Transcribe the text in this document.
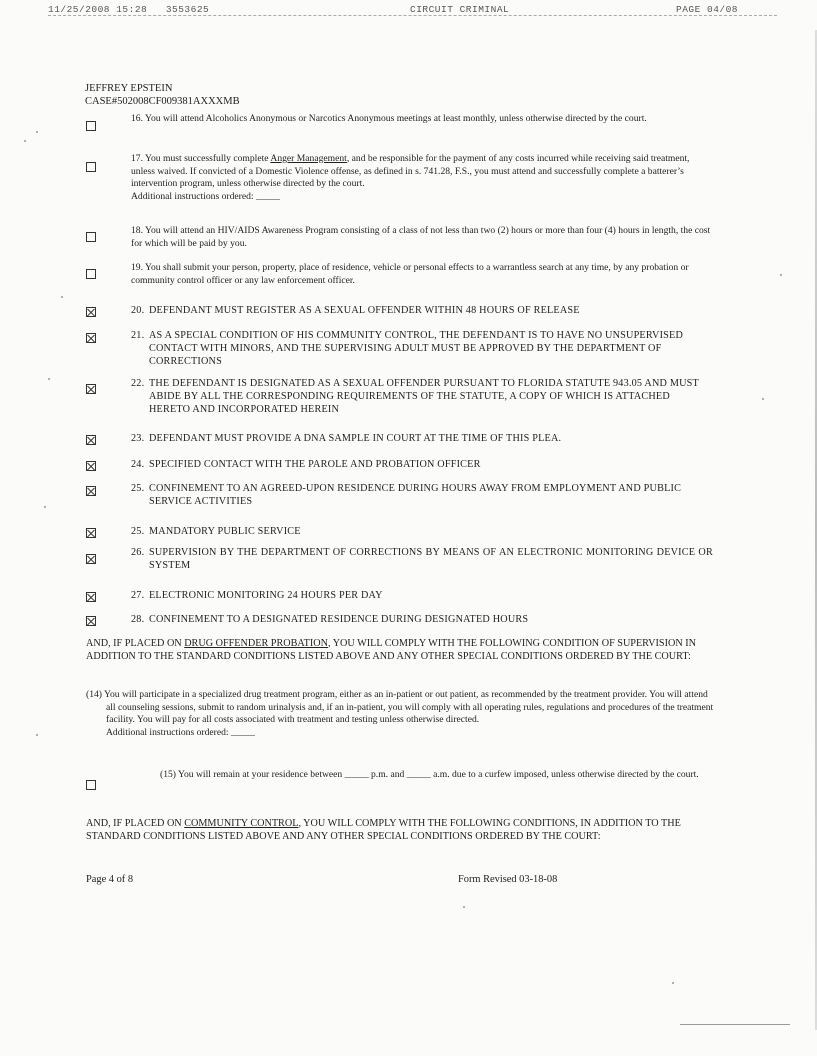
11/25/2008 15:28 3553625	CIRCUIT CRIMINAL	PAGE 04/08
JEFFREY EPSTEIN
CASE#502008CF009381AXXXMB
16. You will attend Alcoholics Anonymous or Narcotics Anonymous meetings at least monthly, unless otherwise directed by the court.
17. You must successfully complete Anger Management, and be responsible for the payment of any costs incurred while receiving said treatment, unless waived. If convicted of a Domestic Violence offense, as defined in s. 741.28, F.S., you must attend and successfully complete a batterer’s intervention program, unless otherwise directed by the court.
Additional instructions ordered: _____
18. You will attend an HIV/AIDS Awareness Program consisting of a class of not less than two (2) hours or more than four (4) hours in length, the cost for which will be paid by you.
19. You shall submit your person, property, place of residence, vehicle or personal effects to a warrantless search at any time, by any probation or community control officer or any law enforcement officer.
20. DEFENDANT MUST REGISTER AS A SEXUAL OFFENDER WITHIN 48 HOURS OF RELEASE
21. AS A SPECIAL CONDITION OF HIS COMMUNITY CONTROL, THE DEFENDANT IS TO HAVE NO UNSUPERVISED CONTACT WITH MINORS, AND THE SUPERVISING ADULT MUST BE APPROVED BY THE DEPARTMENT OF CORRECTIONS
22. THE DEFENDANT IS DESIGNATED AS A SEXUAL OFFENDER PURSUANT TO FLORIDA STATUTE 943.05 AND MUST ABIDE BY ALL THE CORRESPONDING REQUIREMENTS OF THE STATUTE, A COPY OF WHICH IS ATTACHED HERETO AND INCORPORATED HEREIN
23. DEFENDANT MUST PROVIDE A DNA SAMPLE IN COURT AT THE TIME OF THIS PLEA.
24. SPECIFIED CONTACT WITH THE PAROLE AND PROBATION OFFICER
25. CONFINEMENT TO AN AGREED-UPON RESIDENCE DURING HOURS AWAY FROM EMPLOYMENT AND PUBLIC SERVICE ACTIVITIES
25. MANDATORY PUBLIC SERVICE
26. SUPERVISION BY THE DEPARTMENT OF CORRECTIONS BY MEANS OF AN ELECTRONIC MONITORING DEVICE OR SYSTEM
27. ELECTRONIC MONITORING 24 HOURS PER DAY
28. CONFINEMENT TO A DESIGNATED RESIDENCE DURING DESIGNATED HOURS
AND, IF PLACED ON DRUG OFFENDER PROBATION, YOU WILL COMPLY WITH THE FOLLOWING CONDITION OF SUPERVISION IN ADDITION TO THE STANDARD CONDITIONS LISTED ABOVE AND ANY OTHER SPECIAL CONDITIONS ORDERED BY THE COURT:
(14) You will participate in a specialized drug treatment program, either as an in-patient or out patient, as recommended by the treatment provider. You will attend all counseling sessions, submit to random urinalysis and, if an in-patient, you will comply with all operating rules, regulations and procedures of the treatment facility. You will pay for all costs associated with treatment and testing unless otherwise directed.
Additional instructions ordered: _____
(15) You will remain at your residence between _____ p.m. and _____ a.m. due to a curfew imposed, unless otherwise directed by the court.
AND, IF PLACED ON COMMUNITY CONTROL, YOU WILL COMPLY WITH THE FOLLOWING CONDITIONS, IN ADDITION TO THE STANDARD CONDITIONS LISTED ABOVE AND ANY OTHER SPECIAL CONDITIONS ORDERED BY THE COURT:
Page 4 of 8	Form Revised 03-18-08
